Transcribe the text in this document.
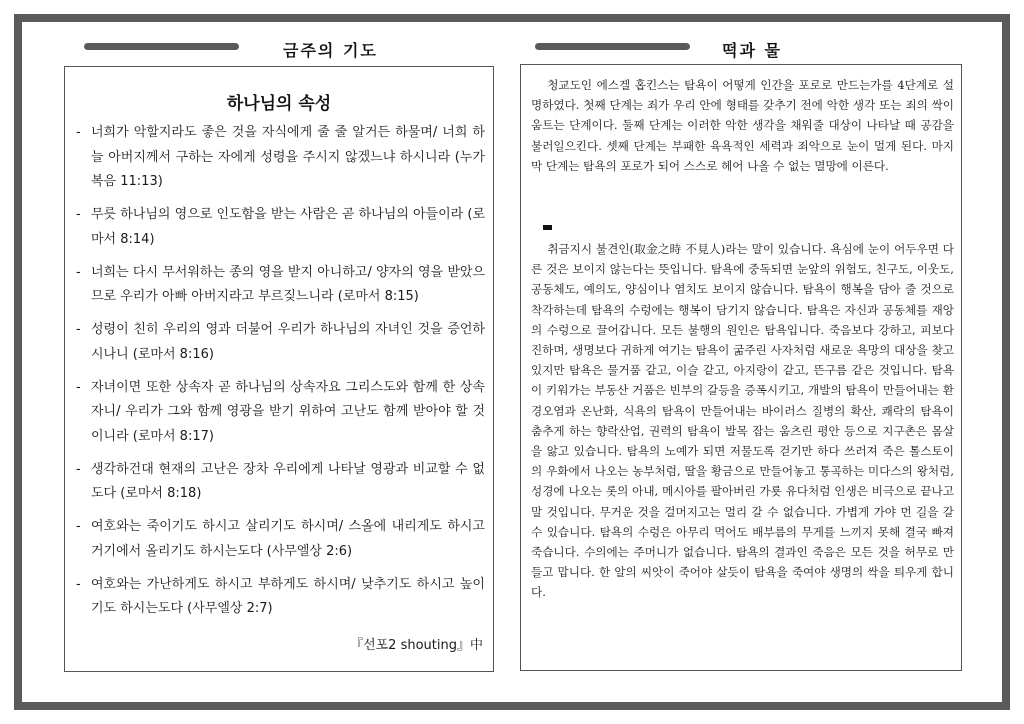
금주의 기도	떡과 물
하나님의 속성
- 너희가 악할지라도 좋은 것을 자식에게 줄 줄 알거든 하물며/ 너희 하늘 아버지께서 구하는 자에게 성령을 주시지 않겠느냐 하시니라 (누가복음 11:13)
- 무릇 하나님의 영으로 인도함을 받는 사람은 곧 하나님의 아들이라 (로마서 8:14)
- 너희는 다시 무서워하는 종의 영을 받지 아니하고/ 양자의 영을 받았으므로 우리가 아빠 아버지라고 부르짖느니라 (로마서 8:15)
- 성령이 친히 우리의 영과 더불어 우리가 하나님의 자녀인 것을 증언하시나니 (로마서 8:16)
- 자녀이면 또한 상속자 곧 하나님의 상속자요 그리스도와 함께 한 상속자니/ 우리가 그와 함께 영광을 받기 위하여 고난도 함께 받아야 할 것이니라 (로마서 8:17)
- 생각하건대 현재의 고난은 장차 우리에게 나타날 영광과 비교할 수 없도다 (로마서 8:18)
- 여호와는 죽이기도 하시고 살리기도 하시며/ 스올에 내리게도 하시고 거기에서 올리기도 하시는도다 (사무엘상 2:6)
- 여호와는 가난하게도 하시고 부하게도 하시며/ 낮추기도 하시고 높이기도 하시는도다 (사무엘상 2:7)
『선포2 shouting』中

청교도인 에스겔 홉킨스는 탐욕이 어떻게 인간을 포로로 만드는가를 4단계로 설명하였다. 첫째 단계는 죄가 우리 안에 형태를 갖추기 전에 악한 생각 또는 죄의 싹이 움트는 단계이다. 둘째 단계는 이러한 악한 생각을 채워줄 대상이 나타날 때 공감을 불러일으킨다. 셋째 단계는 부패한 육욕적인 세력과 죄악으로 눈이 멀게 된다. 마지막 단계는 탐욕의 포로가 되어 스스로 헤어 나올 수 없는 멸망에 이른다.

취금지시 불견인(取金之時 不見人)라는 말이 있습니다. 욕심에 눈이 어두우면 다른 것은 보이지 않는다는 뜻입니다. 탐욕에 중독되면 눈앞의 위험도, 친구도, 이웃도, 공동체도, 예의도, 양심이나 염치도 보이지 않습니다. 탐욕이 행복을 담아 줄 것으로 착각하는데 탐욕의 수렁에는 행복이 담기지 않습니다. 탐욕은 자신과 공동체를 재앙의 수렁으로 끌어갑니다. 모든 불행의 원인은 탐욕입니다. 죽음보다 강하고, 피보다 진하며, 생명보다 귀하게 여기는 탐욕이 굶주린 사자처럼 새로운 욕망의 대상을 찾고 있지만 탐욕은 물거품 같고, 이슬 같고, 아지랑이 같고, 뜬구름 같은 것입니다. 탐욕이 키워가는 부동산 거품은 빈부의 갈등을 증폭시키고, 개발의 탐욕이 만들어내는 환경오염과 온난화, 식욕의 탐욕이 만들어내는 바이러스 질병의 확산, 쾌락의 탐욕이 춤추게 하는 향락산업, 권력의 탐욕이 발목 잡는 움츠린 평안 등으로 지구촌은 몸살을 앓고 있습니다. 탐욕의 노예가 되면 저물도록 걷기만 하다 쓰러져 죽은 톨스토이의 우화에서 나오는 농부처럼, 딸을 황금으로 만들어놓고 통곡하는 미다스의 왕처럼, 성경에 나오는 롯의 아내, 메시아를 팔아버린 가룟 유다처럼 인생은 비극으로 끝나고 말 것입니다. 무거운 것을 걸머지고는 멀리 갈 수 없습니다. 가볍게 가야 먼 길을 갈 수 있습니다. 탐욕의 수렁은 아무리 먹어도 배부름의 무게를 느끼지 못해 결국 빠져 죽습니다. 수의에는 주머니가 없습니다. 탐욕의 결과인 죽음은 모든 것을 허무로 만들고 맙니다. 한 알의 씨앗이 죽어야 살듯이 탐욕을 죽여야 생명의 싹을 틔우게 합니다.
